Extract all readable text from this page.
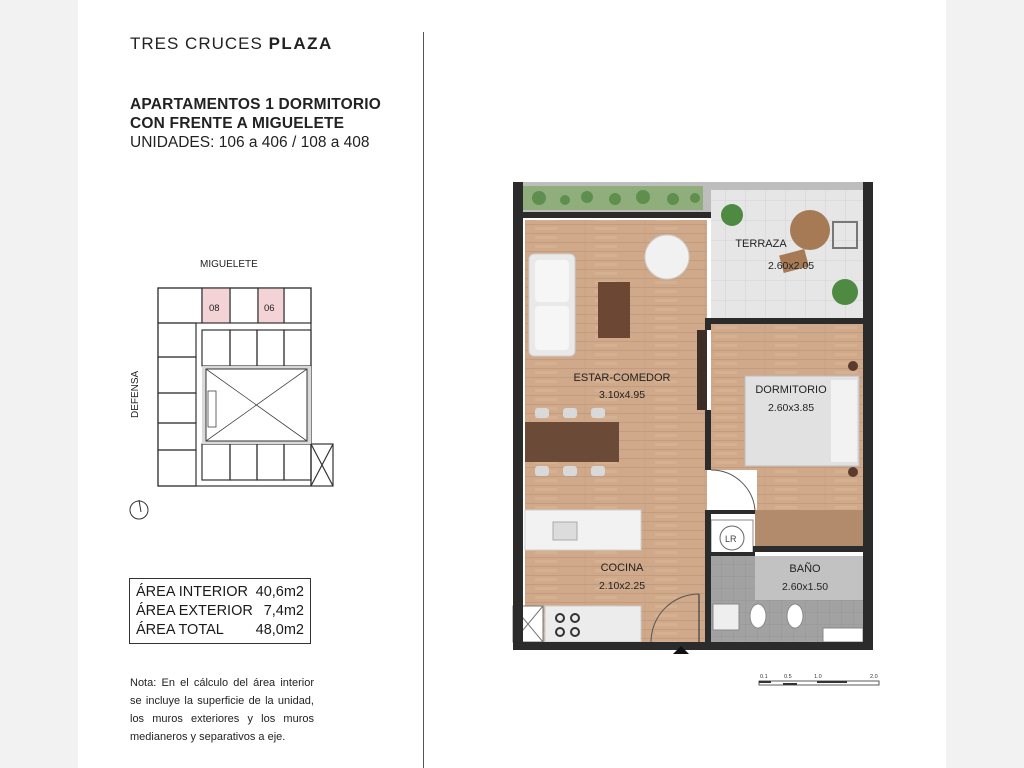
TRES CRUCES PLAZA
APARTAMENTOS 1 DORMITORIO
CON FRENTE A MIGUELETE
UNIDADES: 106 a 406 / 108 a 408
MIGUELETE
DEFENSA
08	06
ÁREA INTERIOR 40,6m2
ÁREA EXTERIOR 7,4m2
ÁREA TOTAL 48,0m2
Nota: En el cálculo del área interior se incluye la superficie de la unidad, los muros exteriores y los muros medianeros y separativos a eje.
LR
TERRAZA
2.60x2.05
ESTAR-COMEDOR
3.10x4.95	DORMITORIO
2.60x3.85
COCINA
2.10x2.25
BAÑO
2.60x1.50
0.1	0.5	1.0	2.0
